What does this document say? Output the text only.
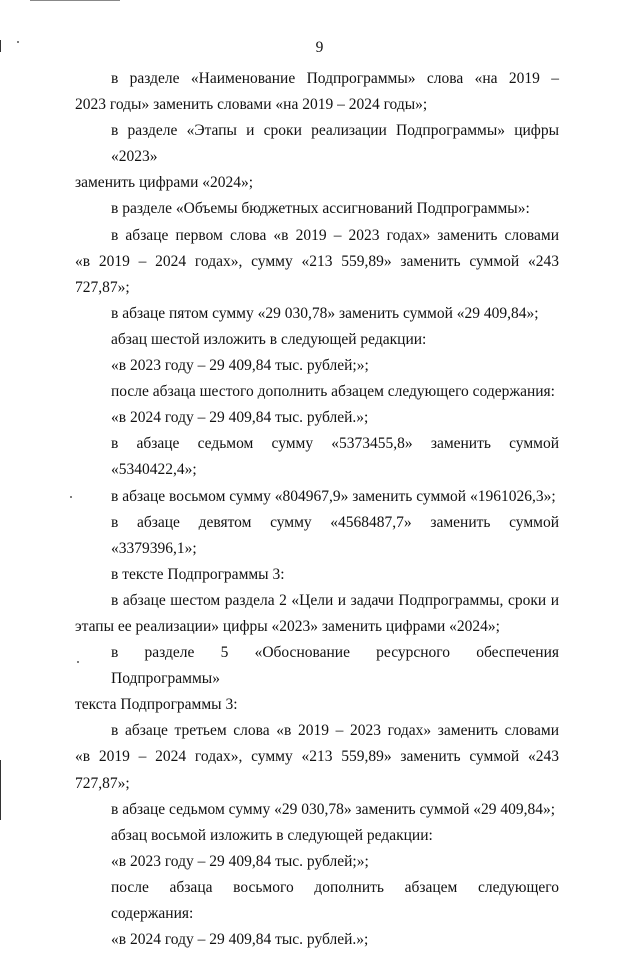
9
в разделе «Наименование Подпрограммы» слова «на 2019 –
2023 годы» заменить словами «на 2019 – 2024 годы»;
в разделе «Этапы и сроки реализации Подпрограммы» цифры «2023»
заменить цифрами «2024»;
в разделе «Объемы бюджетных ассигнований Подпрограммы»:
в абзаце первом слова «в 2019 – 2023 годах» заменить словами
«в 2019 – 2024 годах», сумму «213 559,89» заменить суммой «243 727,87»;
в абзаце пятом сумму «29 030,78» заменить суммой «29 409,84»;
абзац шестой изложить в следующей редакции:
«в 2023 году – 29 409,84 тыс. рублей;»;
после абзаца шестого дополнить абзацем следующего содержания:
«в 2024 году – 29 409,84 тыс. рублей.»;
в абзаце седьмом сумму «5373455,8» заменить суммой «5340422,4»;
в абзаце восьмом сумму «804967,9» заменить суммой «1961026,3»;
в абзаце девятом сумму «4568487,7» заменить суммой «3379396,1»;
в тексте Подпрограммы 3:
в абзаце шестом раздела 2 «Цели и задачи Подпрограммы, сроки и
этапы ее реализации» цифры «2023» заменить цифрами «2024»;
в разделе 5 «Обоснование ресурсного обеспечения Подпрограммы»
текста Подпрограммы 3:
в абзаце третьем слова «в 2019 – 2023 годах» заменить словами
«в 2019 – 2024 годах», сумму «213 559,89» заменить суммой «243 727,87»;
в абзаце седьмом сумму «29 030,78» заменить суммой «29 409,84»;
абзац восьмой изложить в следующей редакции:
«в 2023 году – 29 409,84 тыс. рублей;»;
после абзаца восьмого дополнить абзацем следующего содержания:
«в 2024 году – 29 409,84 тыс. рублей.»;
